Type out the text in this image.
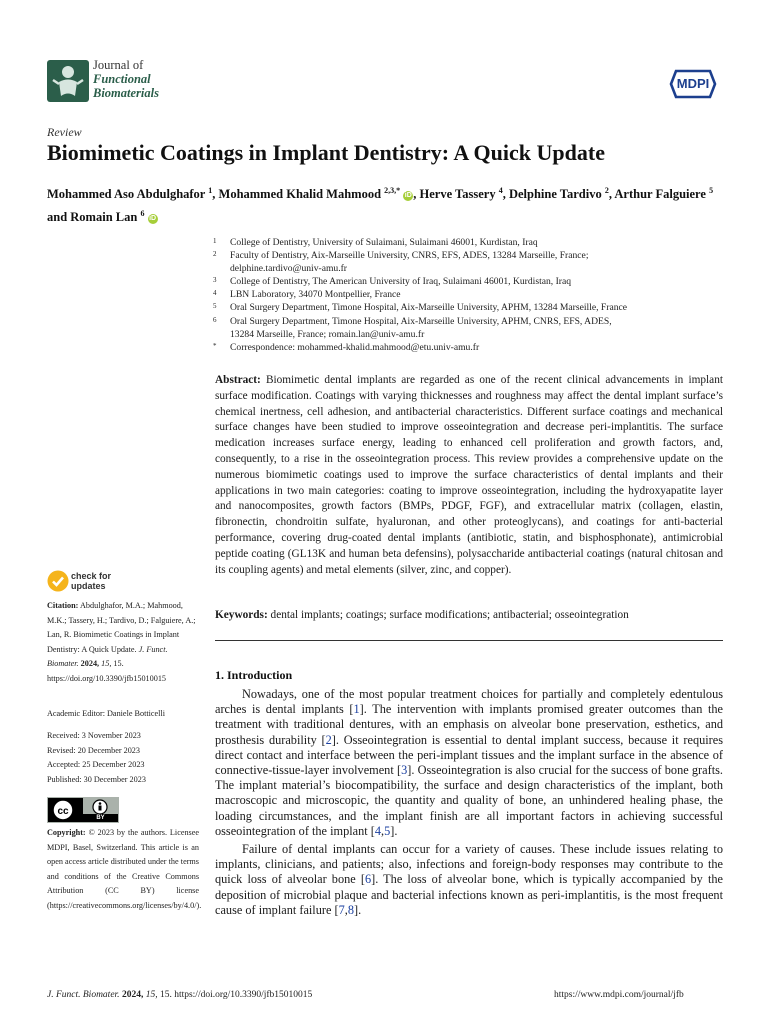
Journal of
Functional
Biomaterials
MDPI
Review
Biomimetic Coatings in Implant Dentistry: A Quick Update
Mohammed Aso Abdulghafor $^1$, Mohammed Khalid Mahmood $^{2,3,*}$ iD , Herve Tassery $^4$, Delphine Tardivo $^2$, Arthur Falguiere $^5$ and Romain Lan $^6$ iD
1	College of Dentistry, University of Sulaimani, Sulaimani 46001, Kurdistan, Iraq
2	Faculty of Dentistry, Aix-Marseille University, CNRS, EFS, ADES, 13284 Marseille, France;
delphine.tardivo@univ-amu.fr
3	College of Dentistry, The American University of Iraq, Sulaimani 46001, Kurdistan, Iraq
4	LBN Laboratory, 34070 Montpellier, France
5	Oral Surgery Department, Timone Hospital, Aix-Marseille University, APHM, 13284 Marseille, France
6	Oral Surgery Department, Timone Hospital, Aix-Marseille University, APHM, CNRS, EFS, ADES,
13284 Marseille, France; romain.lan@univ-amu.fr
*	Correspondence: mohammed-khalid.mahmood@etu.univ-amu.fr
Abstract: Biomimetic dental implants are regarded as one of the recent clinical advancements in implant surface modification. Coatings with varying thicknesses and roughness may affect the dental implant surface’s chemical inertness, cell adhesion, and antibacterial characteristics. Different surface coatings and mechanical surface changes have been studied to improve osseointegration and decrease peri-implantitis. The surface medication increases surface energy, leading to enhanced cell proliferation and growth factors, and, consequently, to a rise in the osseointegration process. This review provides a comprehensive update on the numerous biomimetic coatings used to improve the surface characteristics of dental implants and their applications in two main categories: coating to improve osseointegration, including the hydroxyapatite layer and nanocomposites, growth factors (BMPs, PDGF, FGF), and extracellular matrix (collagen, elastin, fibronectin, chondroitin sulfate, hyaluronan, and other proteoglycans), and coatings for anti-bacterial performance, covering drug-coated dental implants (antibiotic, statin, and bisphosphonate), antimicrobial peptide coating (GL13K and human beta defensins), polysaccharide antibacterial coatings (natural chitosan and its coupling agents) and metal elements (silver, zinc, and copper).
Keywords: dental implants; coatings; surface modifications; antibacterial; osseointegration
1. Introduction

Nowadays, one of the most popular treatment choices for partially and completely edentulous arches is dental implants [1]. The intervention with implants promised greater outcomes than the treatment with traditional dentures, with an emphasis on alveolar bone preservation, esthetics, and prosthesis durability [2]. Osseointegration is essential to dental implant success, because it requires direct contact and interface between the peri-implant tissues and the implant surface in the absence of connective-tissue-layer involvement [3]. Osseointegration is also crucial for the success of bone grafts. The implant material’s biocompatibility, the surface and design characteristics of the implant, both macroscopic and microscopic, the quantity and quality of bone, an unhindered healing phase, the loading circumstances, and the implant finish are all important factors in achieving successful osseointegration of the implant [4,5].

Failure of dental implants can occur for a variety of causes. These include issues relating to implants, clinicians, and patients; also, infections and foreign-body responses may contribute to the quick loss of alveolar bone [6]. The loss of alveolar bone, which is typically accompanied by the deposition of microbial plaque and bacterial infections known as peri-implantitis, is the most frequent cause of implant failure [7,8].

check for
updates
Citation: Abdulghafor, M.A.; Mahmood, M.K.; Tassery, H.; Tardivo, D.; Falguiere, A.; Lan, R. Biomimetic Coatings in Implant Dentistry: A Quick Update. J. Funct. Biomater. 2024, 15, 15. https://doi.org/10.3390/jfb15010015
Academic Editor: Daniele Botticelli
Received: 3 November 2023
Revised: 20 December 2023
Accepted: 25 December 2023
Published: 30 December 2023
cc
BY
Copyright: © 2023 by the authors. Licensee MDPI, Basel, Switzerland. This article is an open access article distributed under the terms and conditions of the Creative Commons Attribution (CC BY) license (https://creativecommons.org/licenses/by/4.0/).
J. Funct. Biomater. 2024, 15, 15. https://doi.org/10.3390/jfb15010015	https://www.mdpi.com/journal/jfb
